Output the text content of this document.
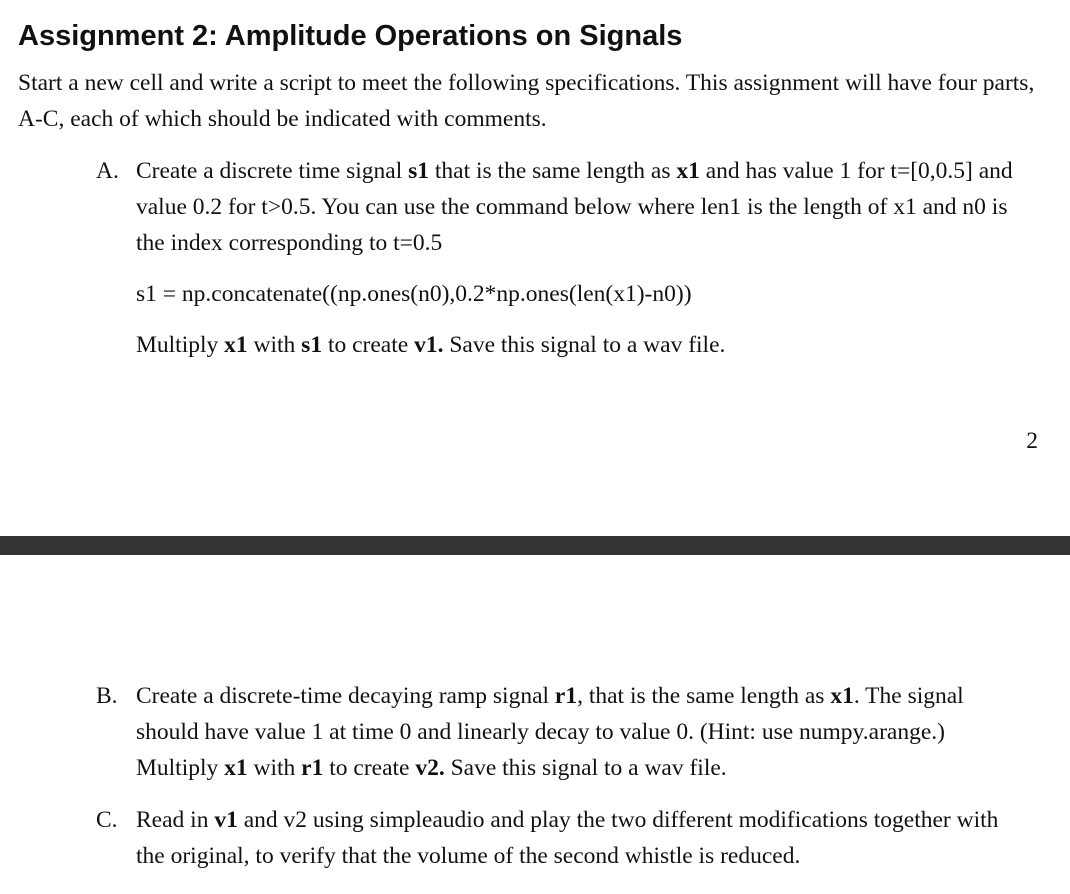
Assignment 2: Amplitude Operations on Signals

Start a new cell and write a script to meet the following specifications. This assignment will have four parts, A-C, each of which should be indicated with comments.

A. Create a discrete time signal s1 that is the same length as x1 and has value 1 for t=[0,0.5] and value 0.2 for t>0.5. You can use the command below where len1 is the length of x1 and n0 is the index corresponding to t=0.5

s1 = np.concatenate((np.ones(n0),0.2*np.ones(len(x1)-n0))

Multiply x1 with s1 to create v1. Save this signal to a wav file.

2
B. Create a discrete-time decaying ramp signal r1, that is the same length as x1. The signal should have value 1 at time 0 and linearly decay to value 0. (Hint: use numpy.arange.) Multiply x1 with r1 to create v2. Save this signal to a wav file.

C. Read in v1 and v2 using simpleaudio and play the two different modifications together with the original, to verify that the volume of the second whistle is reduced.
